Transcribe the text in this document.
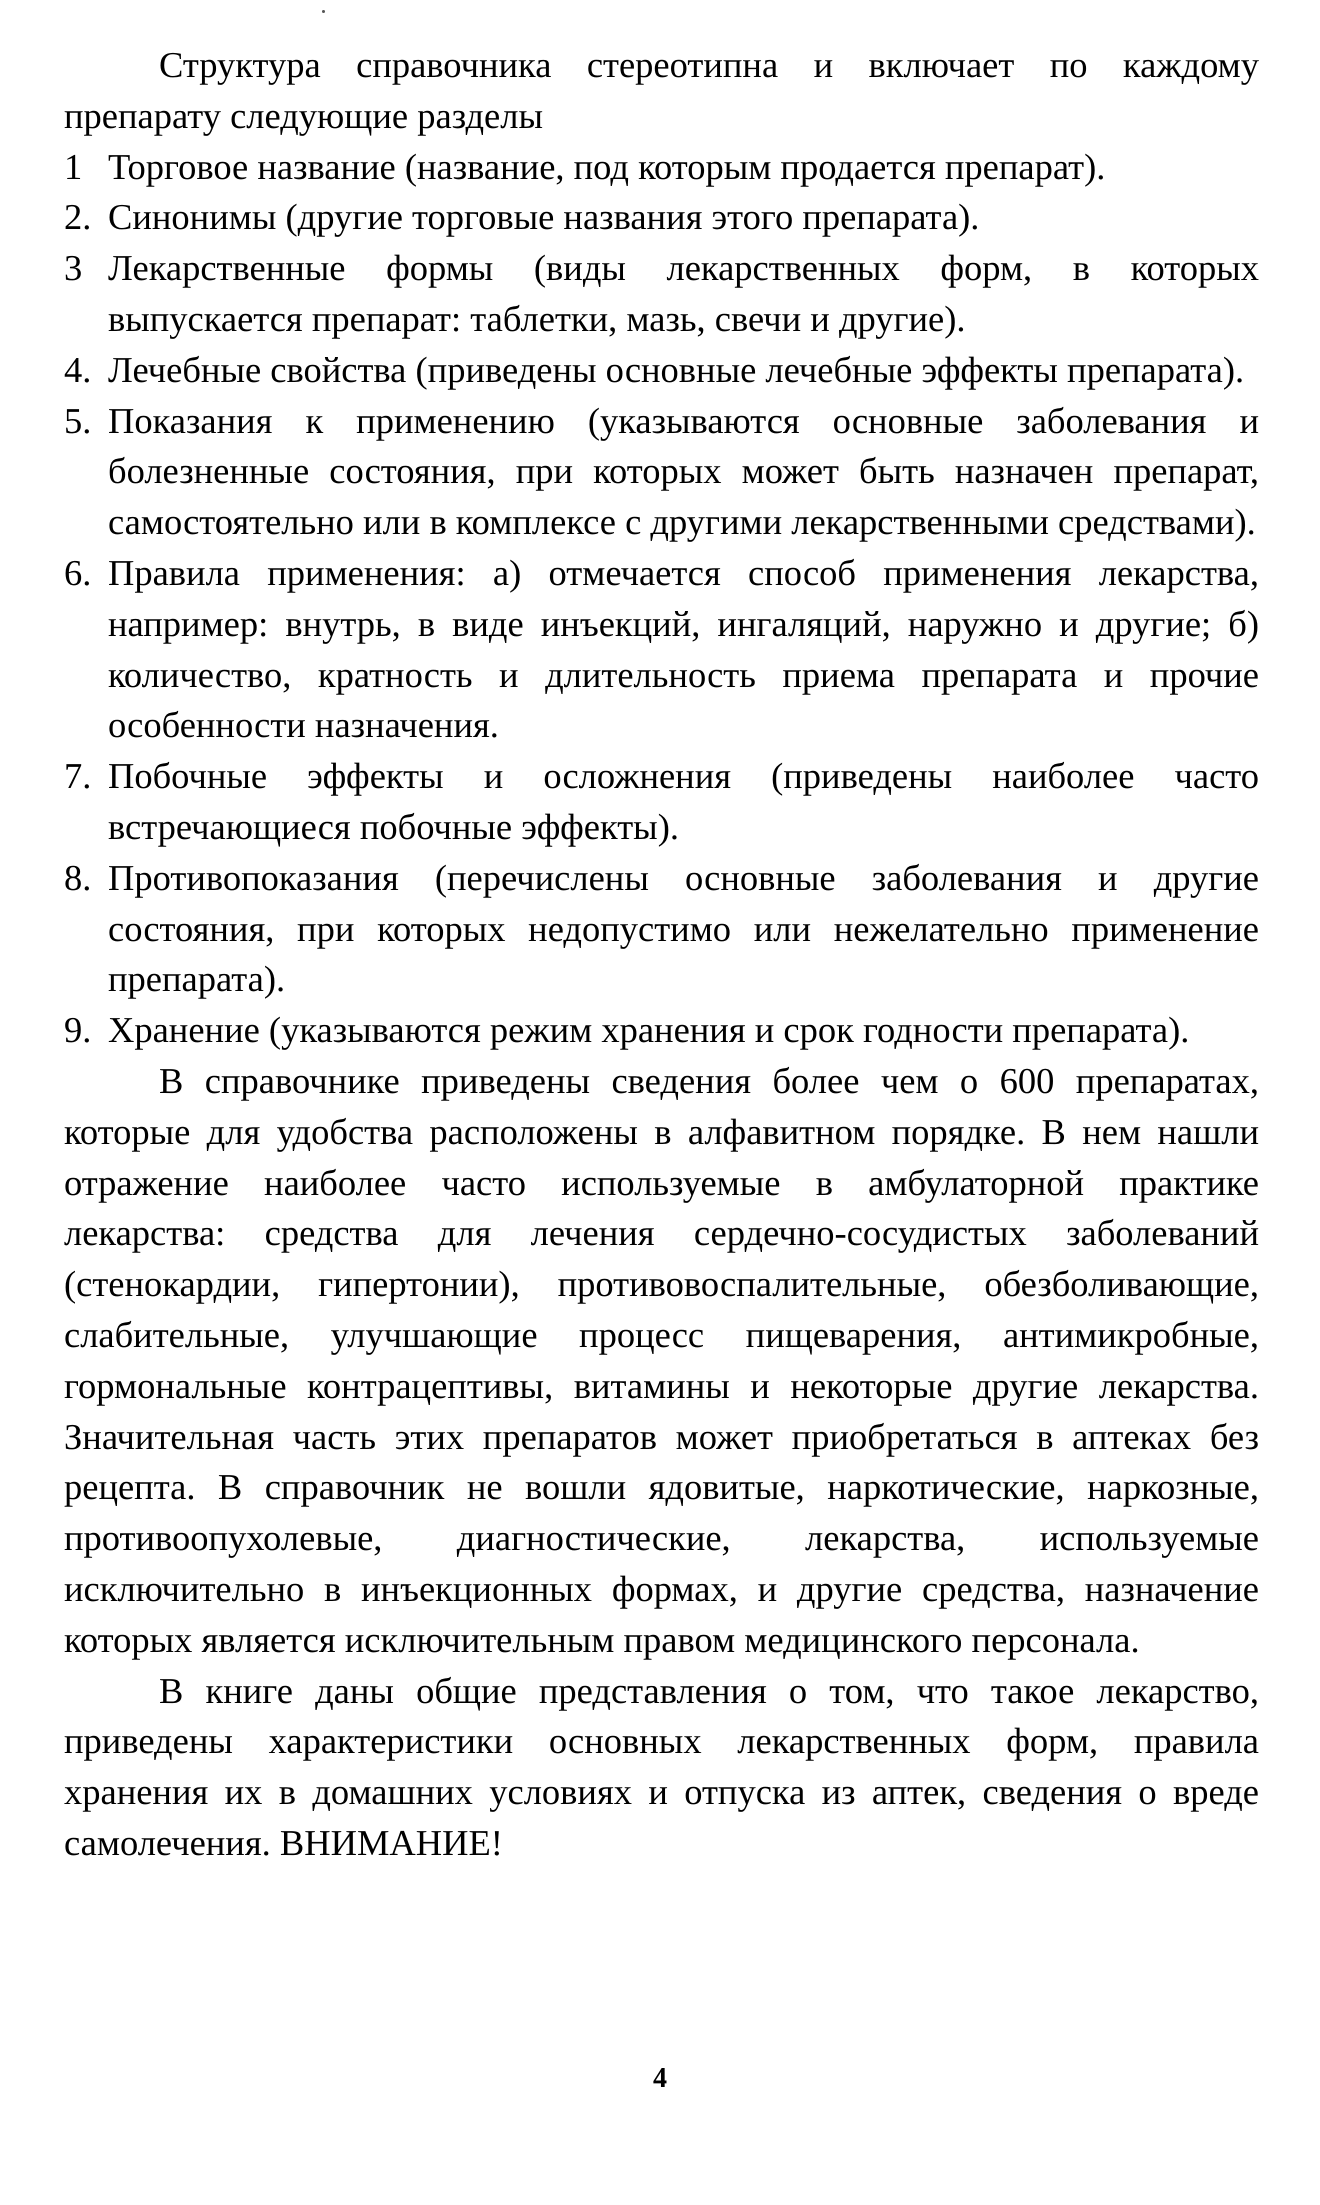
Структура справочника стереотипна и включает по каждому препарату следующие разделы

1 Торговое название (название, под которым продается препарат).
2. Синонимы (другие торговые названия этого препарата).
3 Лекарственные формы (виды лекарственных форм, в которых выпускается препарат: таблетки, мазь, свечи и другие).
4. Лечебные свойства (приведены основные лечебные эффекты препарата).
5. Показания к применению (указываются основные заболевания и болезненные состояния, при которых может быть назначен препарат, самостоятельно или в комплексе с другими лекарственными средствами).
6. Правила применения: а) отмечается способ применения лекарства, например: внутрь, в виде инъекций, ингаляций, наружно и другие; б) количество, кратность и длительность приема препарата и прочие особенности назначения.
7. Побочные эффекты и осложнения (приведены наиболее часто встречающиеся побочные эффекты).
8. Противопоказания (перечислены основные заболевания и другие состояния, при которых недопустимо или нежелательно применение препарата).
9. Хранение (указываются режим хранения и срок годности препарата).

В справочнике приведены сведения более чем о 600 препаратах, которые для удобства расположены в алфавитном порядке. В нем нашли отражение наиболее часто используемые в амбулаторной практике лекарства: средства для лечения сердечно-сосудистых заболеваний (стенокардии, гипертонии), противовоспалительные, обезболивающие, слабительные, улучшающие процесс пищеварения, антимикробные, гормональные контрацептивы, витамины и некоторые другие лекарства. Значительная часть этих препаратов может приобретаться в аптеках без рецепта. В справочник не вошли ядовитые, наркотические, наркозные, противоопухолевые, диагностические, лекарства, используемые исключительно в инъекционных формах, и другие средства, назначение которых является исключительным правом медицинского персонала.

В книге даны общие представления о том, что такое лекарство, приведены характеристики основных лекарственных форм, правила хранения их в домашних условиях и отпуска из аптек, сведения о вреде самолечения. ВНИМАНИЕ!

4
